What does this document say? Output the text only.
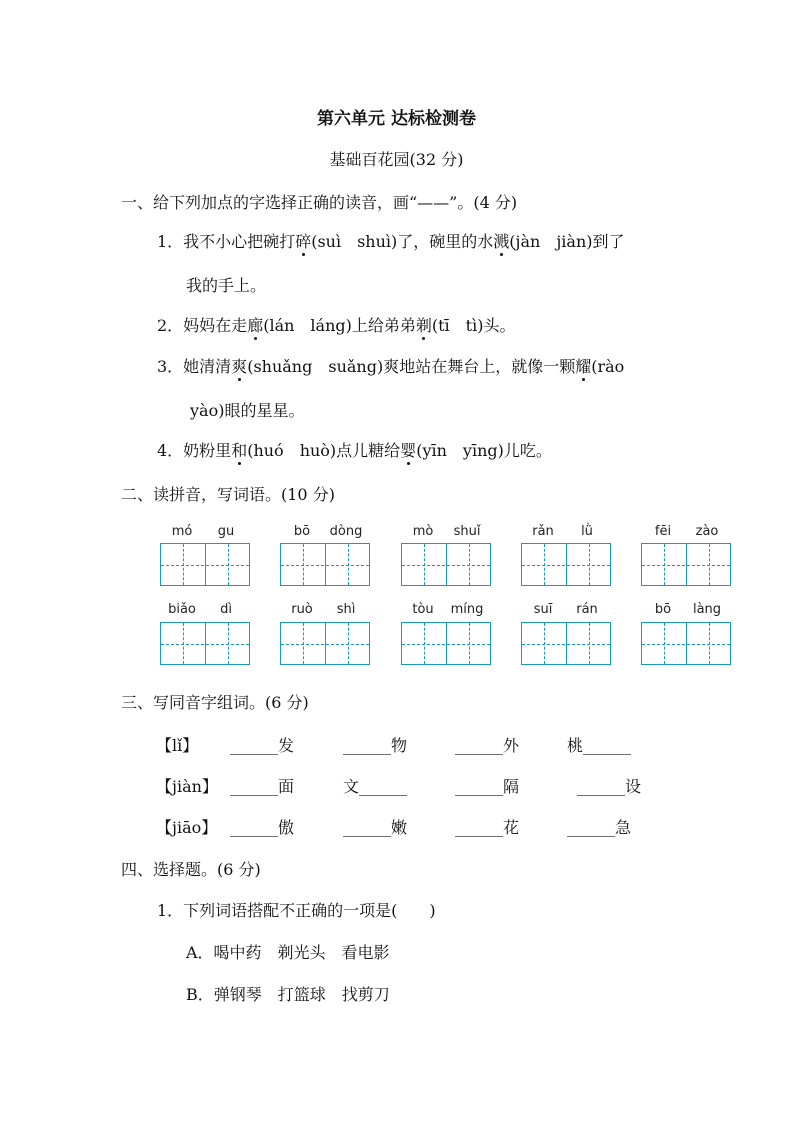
第六单元 达标检测卷
基础百花园(32 分)
一、给下列加点的字选择正确的读音，画“——”。(4 分)
1．我不小心把碗打碎(suì　shuì)了，碗里的水溅(jàn　jiàn)到了
我的手上。
2．妈妈在走廊(lán　láng)上给弟弟剃(tī　tì)头。
3．她清清爽(shuǎng　suǎng)爽地站在舞台上，就像一颗耀(rào
yào)眼的星星。
4．奶粉里和(huó　huò)点儿糖给婴(yīn　yīng)儿吃。
二、读拼音，写词语。(10 分)
mó	gu	bō	dòng	mò	shuǐ	rǎn	lǜ	fēi	zào
biǎo	dì	ruò	shì	tòu	míng	suī	rán	bō	làng
三、写同音字组词。(6 分)
【lǐ】 ______发	______物	______外	桃______
【jiàn】 ______面	文______	______隔	______设
【jiāo】 ______傲	______嫩	______花	______急
四、选择题。(6 分)
1．下列词语搭配不正确的一项是(　　)
A．喝中药　剃光头　看电影
B．弹钢琴　打篮球　找剪刀
